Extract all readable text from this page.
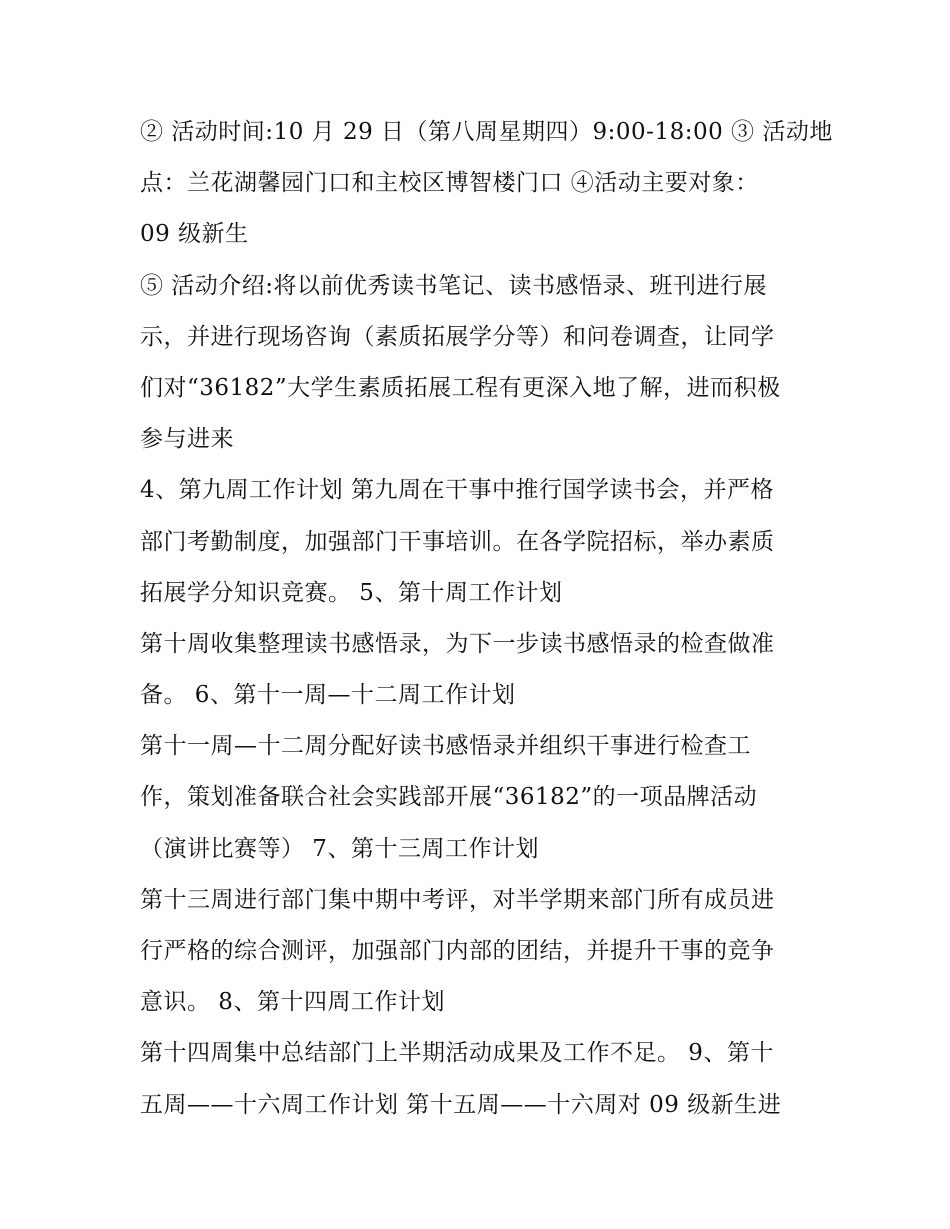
② 活动时间:10 月 29 日（第八周星期四）9:00-18:00 ③ 活动地
点：兰花湖馨园门口和主校区博智楼门口 ④活动主要对象：
09 级新生
⑤ 活动介绍:将以前优秀读书笔记、读书感悟录、班刊进行展
示，并进行现场咨询（素质拓展学分等）和问卷调查，让同学
们对“36182”大学生素质拓展工程有更深入地了解，进而积极
参与进来
4、第九周工作计划 第九周在干事中推行国学读书会，并严格
部门考勤制度，加强部门干事培训。在各学院招标，举办素质
拓展学分知识竞赛。 5、第十周工作计划
第十周收集整理读书感悟录，为下一步读书感悟录的检查做准
备。 6、第十一周—十二周工作计划
第十一周—十二周分配好读书感悟录并组织干事进行检查工
作，策划准备联合社会实践部开展“36182”的一项品牌活动
（演讲比赛等） 7、第十三周工作计划
第十三周进行部门集中期中考评，对半学期来部门所有成员进
行严格的综合测评，加强部门内部的团结，并提升干事的竞争
意识。 8、第十四周工作计划
第十四周集中总结部门上半期活动成果及工作不足。 9、第十
五周——十六周工作计划 第十五周——十六周对 09 级新生进
